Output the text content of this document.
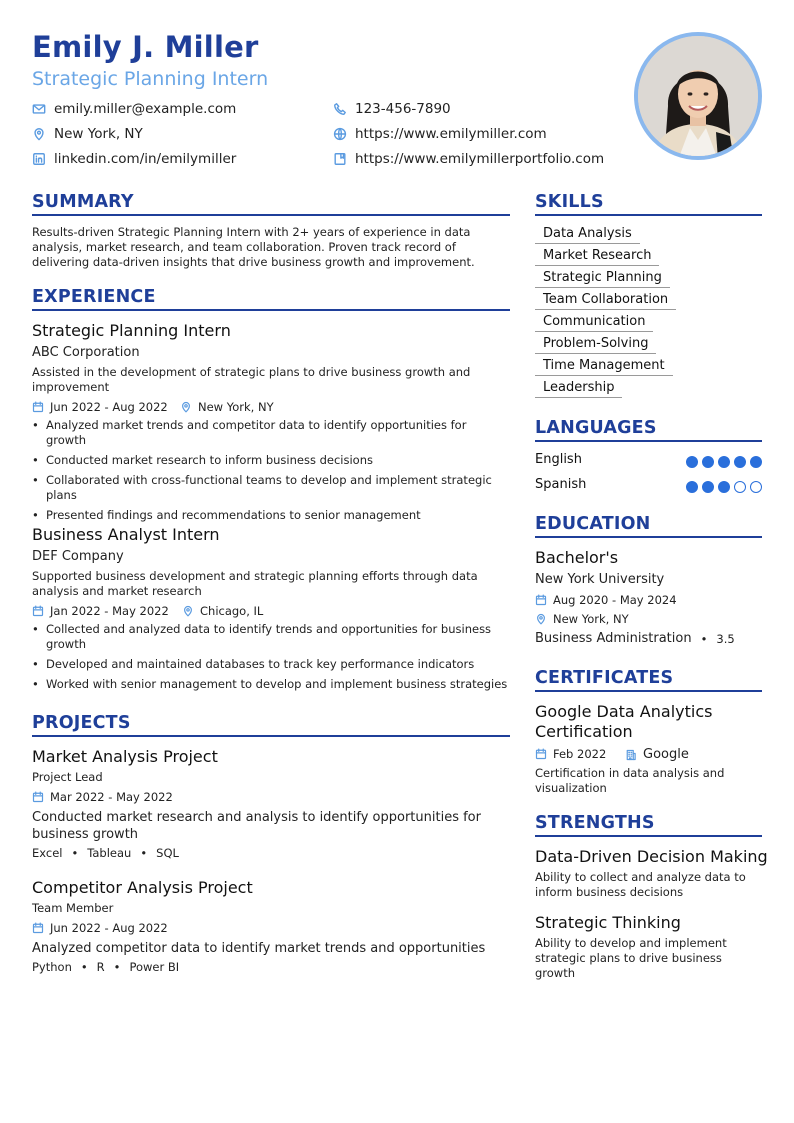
Emily J. Miller
Strategic Planning Intern
emily.miller@example.com	123-456-7890
New York, NY	https://www.emilymiller.com
linkedin.com/in/emilymiller	https://www.emilymillerportfolio.com
SUMMARY
Results-driven Strategic Planning Intern with 2+ years of experience in data analysis, market research, and team collaboration. Proven track record of delivering data-driven insights that drive business growth and improvement.
EXPERIENCE
Strategic Planning Intern
ABC Corporation
Assisted in the development of strategic plans to drive business growth and improvement
Jun 2022 - Aug 2022	New York, NY
• Analyzed market trends and competitor data to identify opportunities for growth
• Conducted market research to inform business decisions
• Collaborated with cross-functional teams to develop and implement strategic plans
• Presented findings and recommendations to senior management
Business Analyst Intern
DEF Company
Supported business development and strategic planning efforts through data analysis and market research
Jan 2022 - May 2022	Chicago, IL
• Collected and analyzed data to identify trends and opportunities for business growth
• Developed and maintained databases to track key performance indicators
• Worked with senior management to develop and implement business strategies
PROJECTS
Market Analysis Project
Project Lead
Mar 2022 - May 2022
Conducted market research and analysis to identify opportunities for business growth
Excel • Tableau • SQL
Competitor Analysis Project
Team Member
Jun 2022 - Aug 2022
Analyzed competitor data to identify market trends and opportunities
Python • R • Power BI
SKILLS
Data Analysis
Market Research
Strategic Planning
Team Collaboration
Communication
Problem-Solving
Time Management
Leadership
LANGUAGES
English
Spanish
EDUCATION
Bachelor's
New York University
Aug 2020 - May 2024
New York, NY
Business Administration • 3.5
CERTIFICATES
Google Data Analytics Certification
Feb 2022	Google
Certification in data analysis and visualization
STRENGTHS
Data-Driven Decision Making
Ability to collect and analyze data to inform business decisions
Strategic Thinking
Ability to develop and implement strategic plans to drive business growth
